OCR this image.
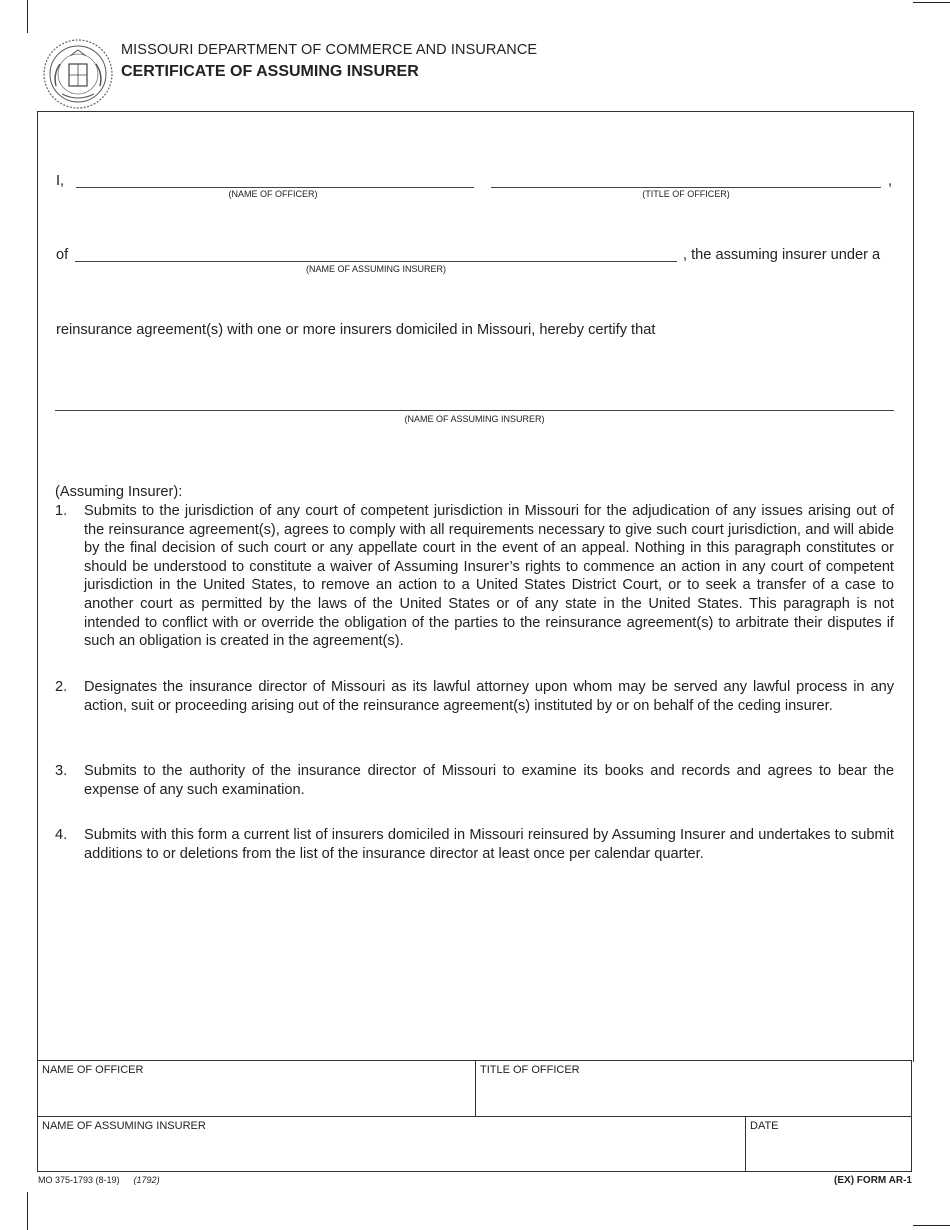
MISSOURI DEPARTMENT OF COMMERCE AND INSURANCE
CERTIFICATE OF ASSUMING INSURER
I,
(NAME OF OFFICER)	(TITLE OF OFFICER)
,
of
(NAME OF ASSUMING INSURER)
, the assuming insurer under a
reinsurance agreement(s) with one or more insurers domiciled in Missouri, hereby certify that
(NAME OF ASSUMING INSURER)
(Assuming Insurer):
1. Submits to the jurisdiction of any court of competent jurisdiction in Missouri for the adjudication of any issues arising out of the reinsurance agreement(s), agrees to comply with all requirements necessary to give such court jurisdiction, and will abide by the final decision of such court or any appellate court in the event of an appeal. Nothing in this paragraph constitutes or should be understood to constitute a waiver of Assuming Insurer’s rights to commence an action in any court of competent jurisdiction in the United States, to remove an action to a United States District Court, or to seek a transfer of a case to another court as permitted by the laws of the United States or of any state in the United States. This paragraph is not intended to conflict with or override the obligation of the parties to the reinsurance agreement(s) to arbitrate their disputes if such an obligation is created in the agreement(s).
2. Designates the insurance director of Missouri as its lawful attorney upon whom may be served any lawful process in any action, suit or proceeding arising out of the reinsurance agreement(s) instituted by or on behalf of the ceding insurer.
3. Submits to the authority of the insurance director of Missouri to examine its books and records and agrees to bear the expense of any such examination.
4. Submits with this form a current list of insurers domiciled in Missouri reinsured by Assuming Insurer and undertakes to submit additions to or deletions from the list of the insurance director at least once per calendar quarter.
NAME OF OFFICER	TITLE OF OFFICER
NAME OF ASSUMING INSURER	DATE
MO 375-1793 (8-19) (1792)	(EX) FORM AR-1
